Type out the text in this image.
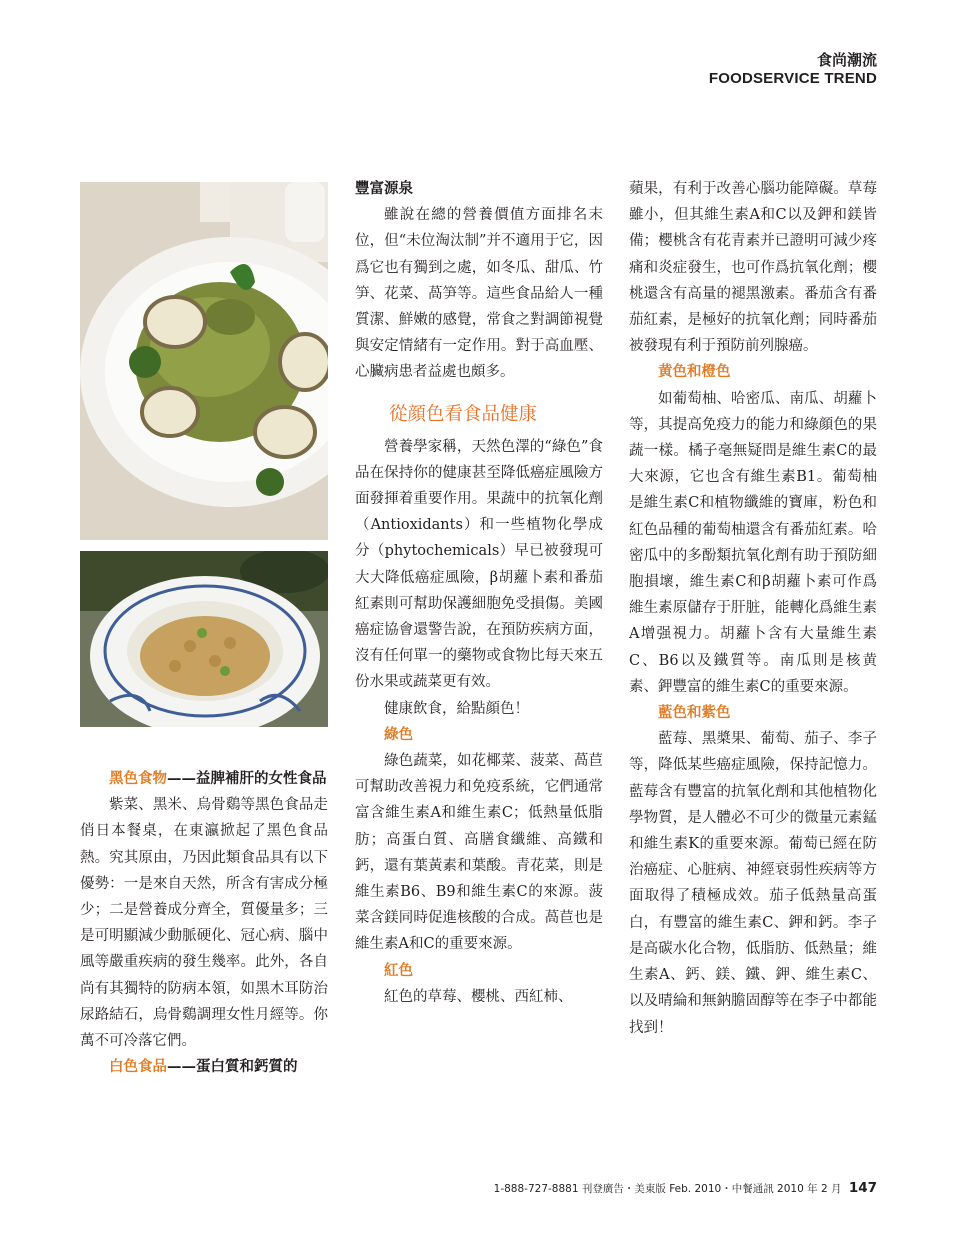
食尚潮流
FOODSERVICE TREND

黑色食物——益脾補肝的女性食品

紫菜、黑米、烏骨鷄等黑色食品走俏日本餐桌，在東瀛掀起了黑色食品熱。究其原由，乃因此類食品具有以下優勢：一是來自天然，所含有害成分極少；二是營養成分齊全，質優量多；三是可明顯減少動脈硬化、冠心病、腦中風等嚴重疾病的發生幾率。此外，各自尚有其獨特的防病本領，如黑木耳防治尿路結石，烏骨鷄調理女性月經等。你萬不可冷落它們。

白色食品——蛋白質和鈣質的

豐富源泉

雖說在總的營養價值方面排名末位，但“未位淘汰制”并不適用于它，因爲它也有獨到之處，如冬瓜、甜瓜、竹笋、花菜、萵笋等。這些食品給人一種質潔、鮮嫩的感覺，常食之對調節視覺與安定情緒有一定作用。對于高血壓、心臟病患者益處也頗多。

從顔色看食品健康

營養學家稱，天然色澤的“綠色”食品在保持你的健康甚至降低癌症風險方面發揮着重要作用。果蔬中的抗氧化劑（Antioxidants）和一些植物化學成分（phytochemicals）早已被發現可大大降低癌症風險，β胡蘿卜素和番茄紅素則可幫助保護細胞免受損傷。美國癌症協會還警告說，在預防疾病方面，沒有任何單一的藥物或食物比每天來五份水果或蔬菜更有效。

健康飲食，給點顔色！

綠色

綠色蔬菜，如花椰菜、菠菜、萵苣可幫助改善視力和免疫系統，它們通常富含維生素A和維生素C；低熱量低脂肪；高蛋白質、高膳食纖維、高鐵和鈣，還有葉黃素和葉酸。青花菜，則是維生素B6、B9和維生素C的來源。菠菜含鎂同時促進核酸的合成。萵苣也是維生素A和C的重要來源。

紅色

紅色的草莓、櫻桃、西紅柿、

蘋果，有利于改善心腦功能障礙。草莓雖小，但其維生素A和C以及鉀和鎂皆備；櫻桃含有花青素并已證明可減少疼痛和炎症發生，也可作爲抗氧化劑；櫻桃還含有高量的褪黑激素。番茄含有番茄紅素，是極好的抗氧化劑；同時番茄被發現有利于預防前列腺癌。

黄色和橙色

如葡萄柚、哈密瓜、南瓜、胡蘿卜等，其提高免疫力的能力和綠顔色的果蔬一樣。橘子毫無疑問是維生素C的最大來源，它也含有維生素B1。葡萄柚是維生素C和植物纖維的寶庫，粉色和紅色品種的葡萄柚還含有番茄紅素。哈密瓜中的多酚類抗氧化劑有助于預防細胞損壞，維生素C和β胡蘿卜素可作爲維生素原儲存于肝脏，能轉化爲維生素A增强視力。胡蘿卜含有大量維生素C、B6以及鐵質等。南瓜則是核黄素、鉀豐富的維生素C的重要來源。

藍色和紫色

藍莓、黑槳果、葡萄、茄子、李子等，降低某些癌症風險，保持記憶力。藍莓含有豐富的抗氧化劑和其他植物化學物質，是人體必不可少的微量元素錳和維生素K的重要來源。葡萄已經在防治癌症、心脏病、神經衰弱性疾病等方面取得了積極成效。茄子低熱量高蛋白，有豐富的維生素C、鉀和鈣。李子是高碳水化合物，低脂肪、低熱量；維生素A、鈣、鎂、鐵、鉀、維生素C、以及晴綸和無鈉膽固醇等在李子中都能找到！

1-888-727-8881 刊登廣告・美東版 Feb. 2010・中餐通訊 2010 年 2 月 147
